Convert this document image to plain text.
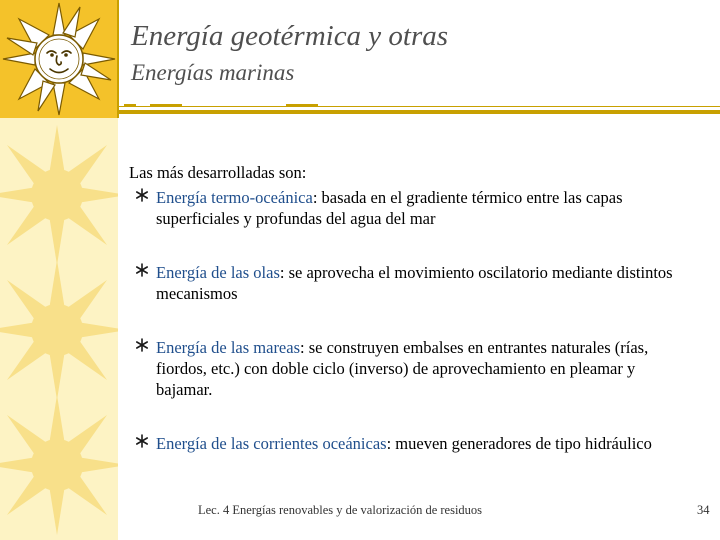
Energía geotérmica y otras
Energías marinas
Las más desarrolladas son:
Energía termo-oceánica: basada en el gradiente térmico entre las capas superficiales y profundas del agua del mar
Energía de las olas: se aprovecha el movimiento oscilatorio mediante distintos mecanismos
Energía de las mareas: se construyen embalses en entrantes naturales (rías, fiordos, etc.) con doble ciclo (inverso) de aprovechamiento en pleamar y bajamar.
Energía de las corrientes oceánicas: mueven generadores de tipo hidráulico
Lec. 4 Energías renovables y de valorización de residuos	34
